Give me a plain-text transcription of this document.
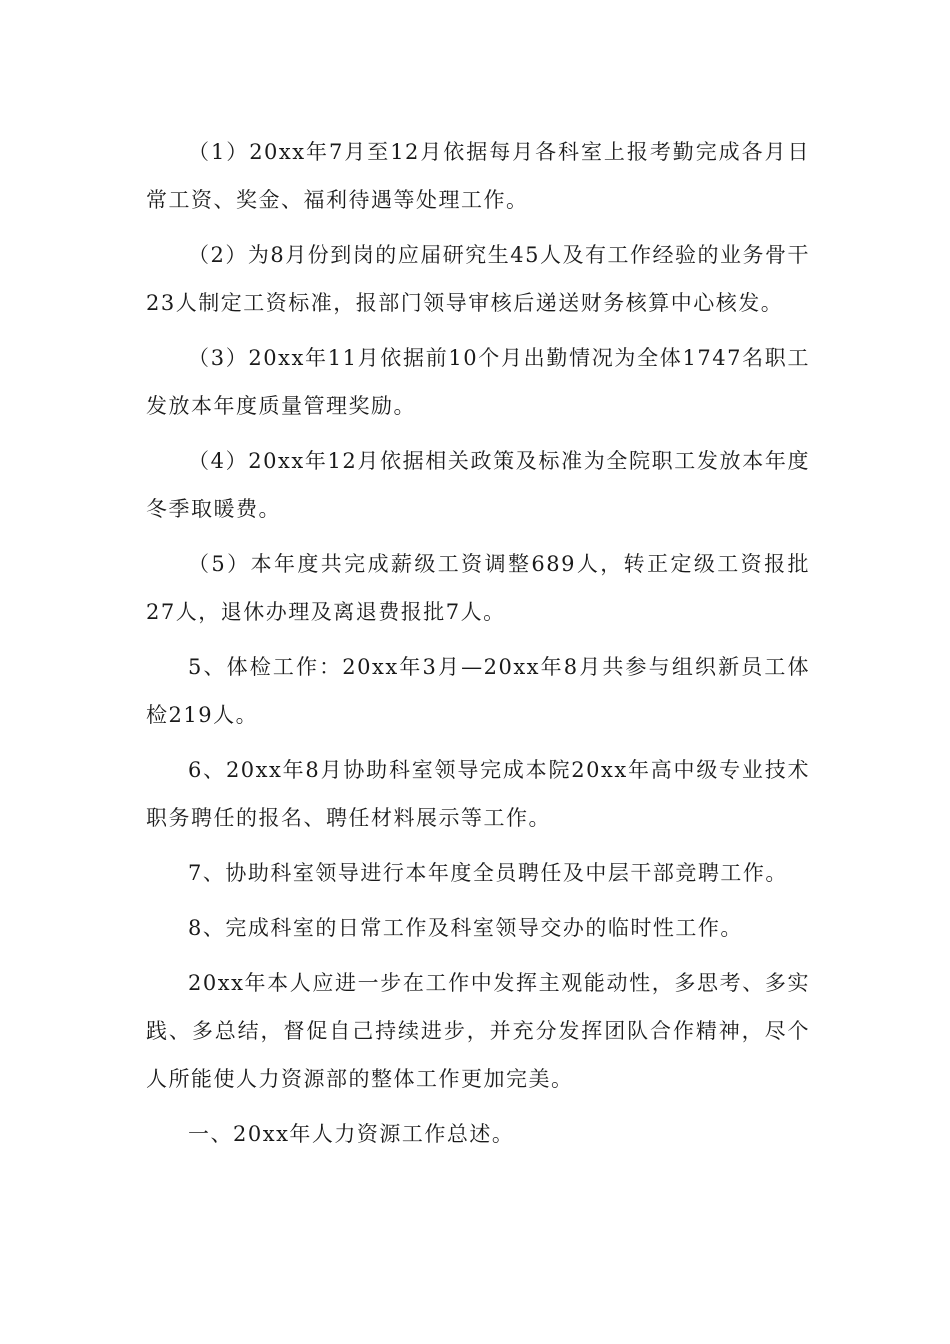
（1）20xx年7月至12月依据每月各科室上报考勤完成各月日常工资、奖金、福利待遇等处理工作。

（2）为8月份到岗的应届研究生45人及有工作经验的业务骨干23人制定工资标准，报部门领导审核后递送财务核算中心核发。

（3）20xx年11月依据前10个月出勤情况为全体1747名职工发放本年度质量管理奖励。

（4）20xx年12月依据相关政策及标准为全院职工发放本年度冬季取暖费。

（5）本年度共完成薪级工资调整689人，转正定级工资报批27人，退休办理及离退费报批7人。

5、体检工作：20xx年3月—20xx年8月共参与组织新员工体检219人。

6、20xx年8月协助科室领导完成本院20xx年高中级专业技术职务聘任的报名、聘任材料展示等工作。

7、协助科室领导进行本年度全员聘任及中层干部竞聘工作。

8、完成科室的日常工作及科室领导交办的临时性工作。

20xx年本人应进一步在工作中发挥主观能动性，多思考、多实践、多总结，督促自己持续进步，并充分发挥团队合作精神，尽个人所能使人力资源部的整体工作更加完美。

一、20xx年人力资源工作总述。
